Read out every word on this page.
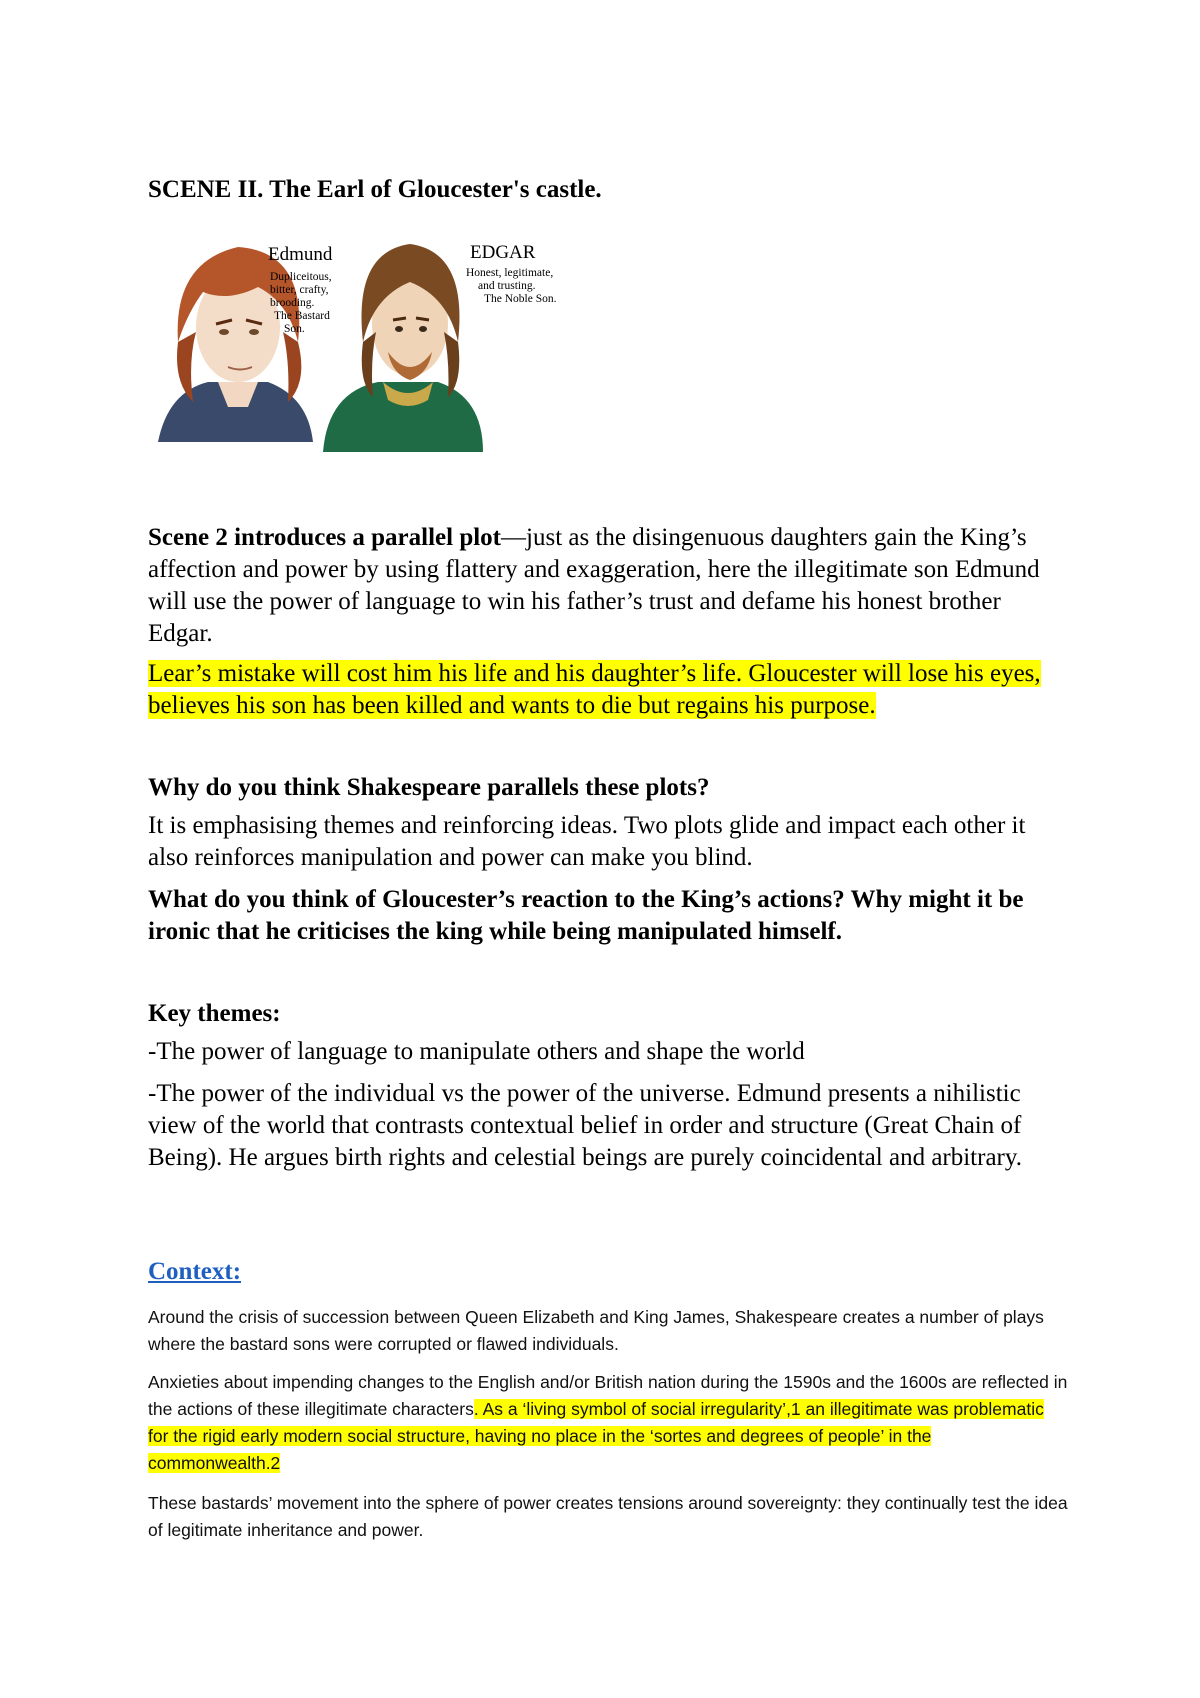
SCENE II. The Earl of Gloucester's castle.
Edmund
Dupliceitous,
bitter, crafty,
brooding.
The Bastard
Son.
EDGAR
Honest, legitimate,
and trusting.
The Noble Son.

Scene 2 introduces a parallel plot—just as the disingenuous daughters gain the King’s affection and power by using flattery and exaggeration, here the illegitimate son Edmund will use the power of language to win his father’s trust and defame his honest brother Edgar.

Lear’s mistake will cost him his life and his daughter’s life. Gloucester will lose his eyes, believes his son has been killed and wants to die but regains his purpose.

Why do you think Shakespeare parallels these plots?

It is emphasising themes and reinforcing ideas. Two plots glide and impact each other it also reinforces manipulation and power can make you blind.

What do you think of Gloucester’s reaction to the King’s actions? Why might it be ironic that he criticises the king while being manipulated himself.

Key themes:

-The power of language to manipulate others and shape the world

-The power of the individual vs the power of the universe. Edmund presents a nihilistic view of the world that contrasts contextual belief in order and structure (Great Chain of Being). He argues birth rights and celestial beings are purely coincidental and arbitrary.

Context:

Around the crisis of succession between Queen Elizabeth and King James, Shakespeare creates a number of plays where the bastard sons were corrupted or flawed individuals.

Anxieties about impending changes to the English and/or British nation during the 1590s and the 1600s are reflected in the actions of these illegitimate characters. As a ‘living symbol of social irregularity’,1 an illegitimate was problematic for the rigid early modern social structure, having no place in the ‘sortes and degrees of people’ in the commonwealth.2

These bastards’ movement into the sphere of power creates tensions around sovereignty: they continually test the idea of legitimate inheritance and power.
